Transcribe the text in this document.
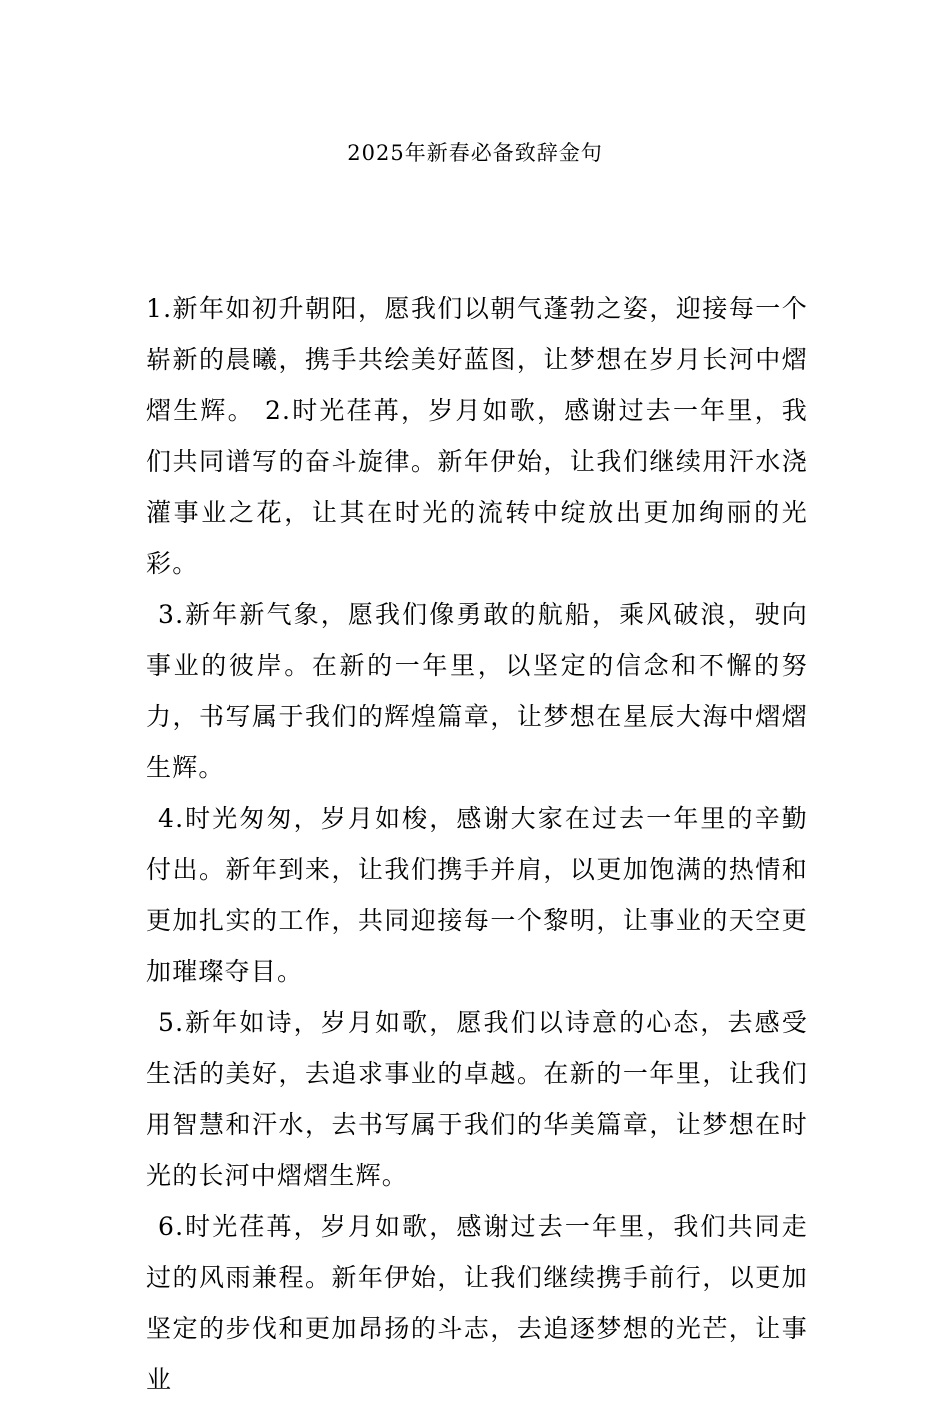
2025年新春必备致辞金句

1.新年如初升朝阳，愿我们以朝气蓬勃之姿，迎接每一个崭新的晨曦，携手共绘美好蓝图，让梦想在岁月长河中熠熠生辉。 2.时光荏苒，岁月如歌，感谢过去一年里，我们共同谱写的奋斗旋律。新年伊始，让我们继续用汗水浇灌事业之花，让其在时光的流转中绽放出更加绚丽的光彩。

3.新年新气象，愿我们像勇敢的航船，乘风破浪，驶向事业的彼岸。在新的一年里，以坚定的信念和不懈的努力，书写属于我们的辉煌篇章，让梦想在星辰大海中熠熠生辉。

4.时光匆匆，岁月如梭，感谢大家在过去一年里的辛勤付出。新年到来，让我们携手并肩，以更加饱满的热情和更加扎实的工作，共同迎接每一个黎明，让事业的天空更加璀璨夺目。

5.新年如诗，岁月如歌，愿我们以诗意的心态，去感受生活的美好，去追求事业的卓越。在新的一年里，让我们用智慧和汗水，去书写属于我们的华美篇章，让梦想在时光的长河中熠熠生辉。

6.时光荏苒，岁月如歌，感谢过去一年里，我们共同走过的风雨兼程。新年伊始，让我们继续携手前行，以更加坚定的步伐和更加昂扬的斗志，去追逐梦想的光芒，让事业
